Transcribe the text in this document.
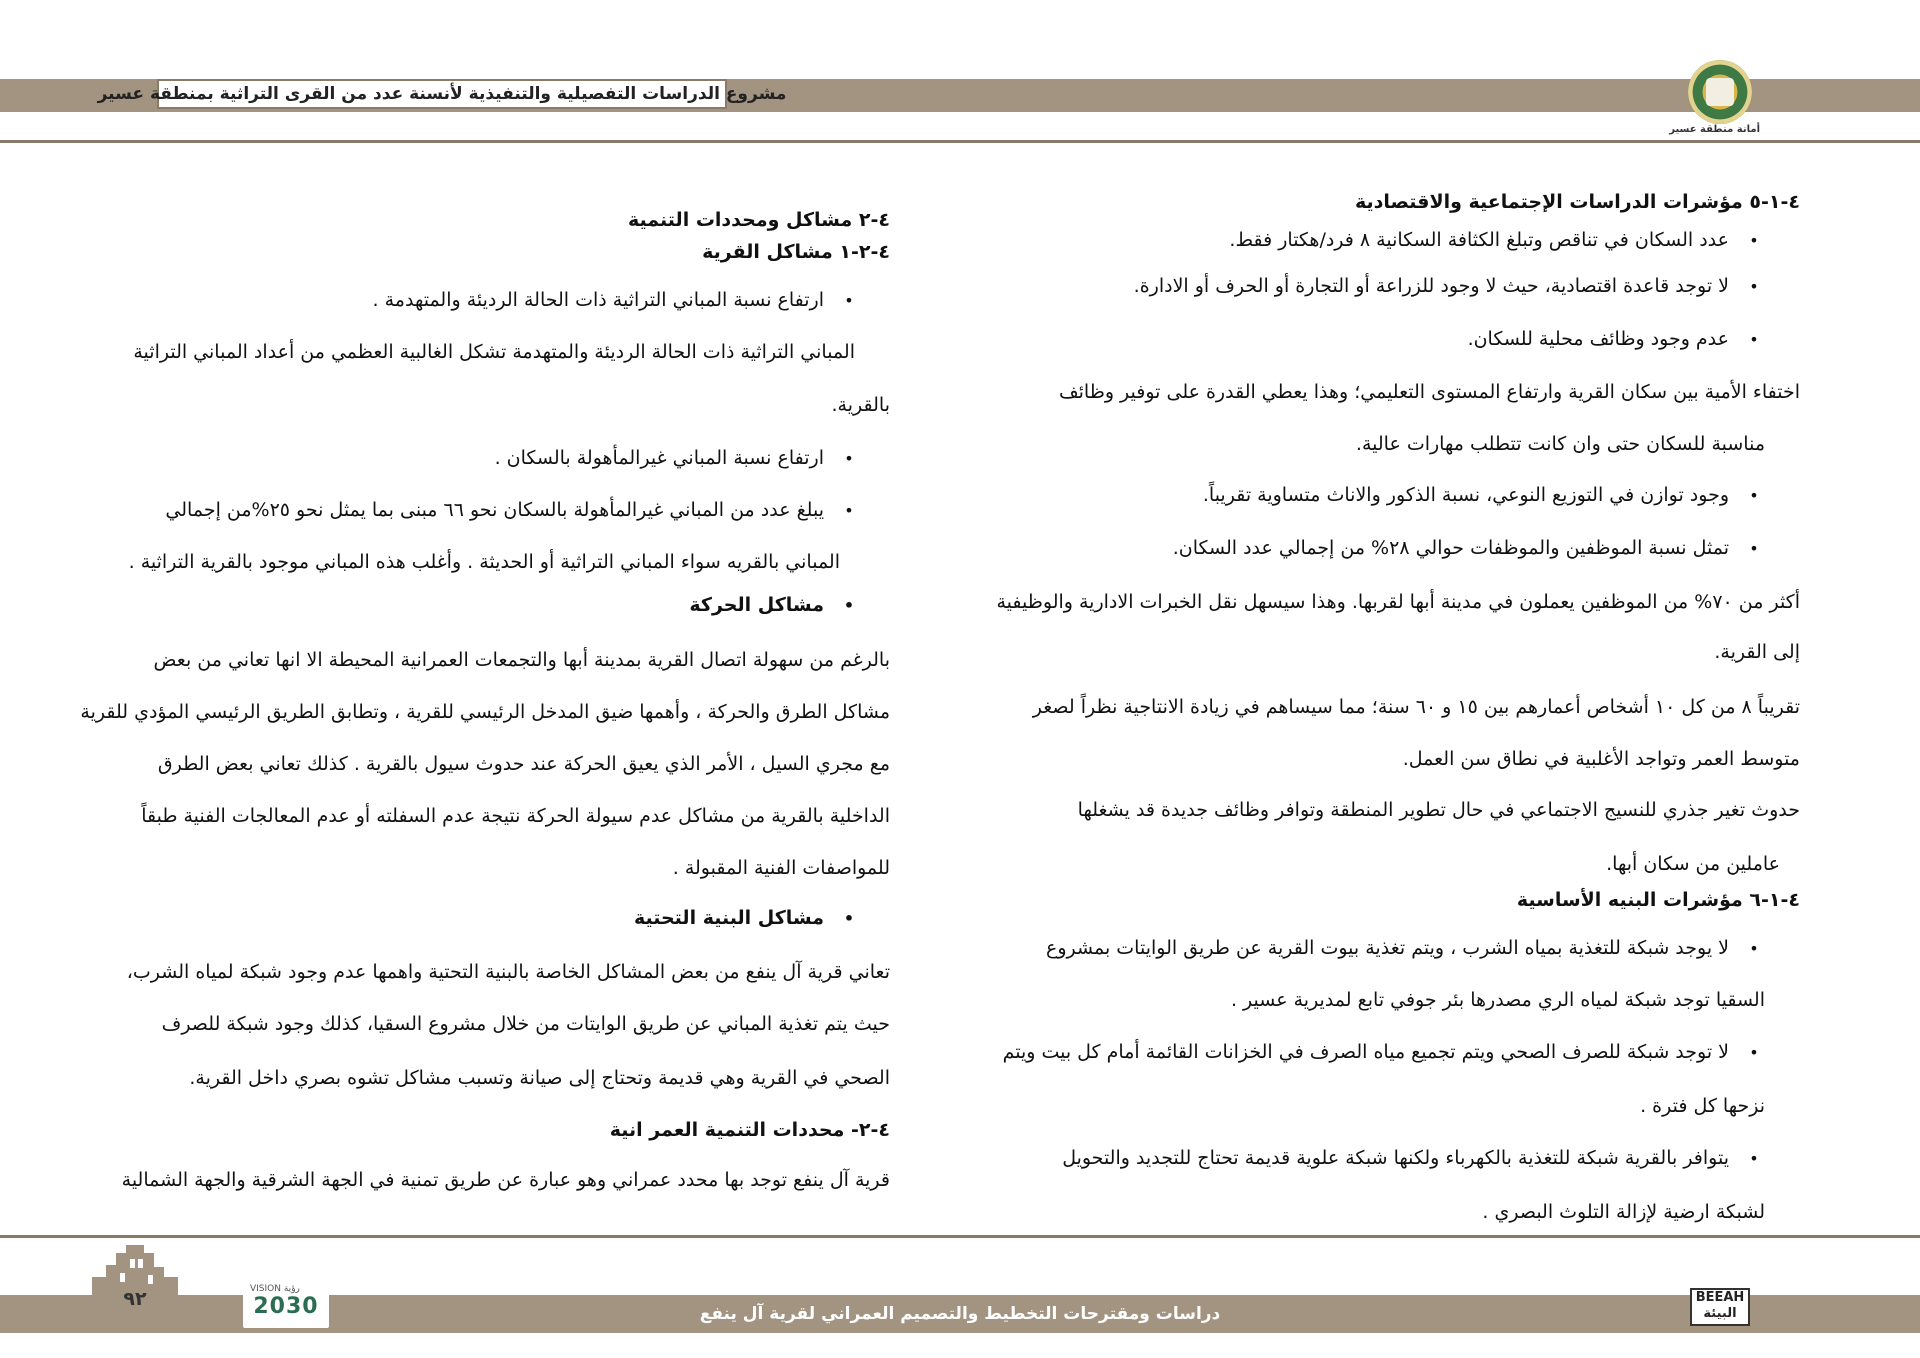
مشروع الدراسات التفصيلية والتنفيذية لأنسنة عدد من القرى التراثية بمنطقة عسير
أمانة منطقة عسير
٤-١-٥ مؤشرات الدراسات الإجتماعية والاقتصادية
• عدد السكان في تناقص وتبلغ الكثافة السكانية ٨ فرد/هكتار فقط.
• لا توجد قاعدة اقتصادية، حيث لا وجود للزراعة أو التجارة أو الحرف أو الادارة.
• عدم وجود وظائف محلية للسكان.
اختفاء الأمية بين سكان القرية وارتفاع المستوى التعليمي؛ وهذا يعطي القدرة على توفير وظائف
مناسبة للسكان حتى وان كانت تتطلب مهارات عالية.
• وجود توازن في التوزيع النوعي، نسبة الذكور والاناث متساوية تقريباً.
• تمثل نسبة الموظفين والموظفات حوالي ٢٨% من إجمالي عدد السكان.
أكثر من ٧٠% من الموظفين يعملون في مدينة أبها لقربها. وهذا سيسهل نقل الخبرات الادارية والوظيفية
إلى القرية.
تقريباً ٨ من كل ١٠ أشخاص أعمارهم بين ١٥ و ٦٠ سنة؛ مما سيساهم في زيادة الانتاجية نظراً لصغر
متوسط العمر وتواجد الأغلبية في نطاق سن العمل.
حدوث تغير جذري للنسيج الاجتماعي في حال تطوير المنطقة وتوافر وظائف جديدة قد يشغلها
عاملين من سكان أبها.
٤-١-٦ مؤشرات البنيه الأساسية
• لا يوجد شبكة للتغذية بمياه الشرب ، ويتم تغذية بيوت القرية عن طريق الوايتات بمشروع
السقيا توجد شبكة لمياه الري مصدرها بئر جوفي تابع لمديرية عسير .
• لا توجد شبكة للصرف الصحي ويتم تجميع مياه الصرف في الخزانات القائمة أمام كل بيت ويتم
نزحها كل فترة .
• يتوافر بالقرية شبكة للتغذية بالكهرباء ولكنها شبكة علوية قديمة تحتاج للتجديد والتحويل
لشبكة ارضية لإزالة التلوث البصري .
٤-٢ مشاكل ومحددات التنمية
٤-٢-١ مشاكل القرية
• ارتفاع نسبة المباني التراثية ذات الحالة الرديئة والمتهدمة .
المباني التراثية ذات الحالة الرديئة والمتهدمة تشكل الغالبية العظمي من أعداد المباني التراثية
بالقرية.
• ارتفاع نسبة المباني غيرالمأهولة بالسكان .
• يبلغ عدد من المباني غيرالمأهولة بالسكان نحو ٦٦ مبنى بما يمثل نحو ٢٥%من إجمالي
المباني بالقريه سواء المباني التراثية أو الحديثة . وأغلب هذه المباني موجود بالقرية التراثية .
• مشاكل الحركة
بالرغم من سهولة اتصال القرية بمدينة أبها والتجمعات العمرانية المحيطة الا انها تعاني من بعض
مشاكل الطرق والحركة ، وأهمها ضيق المدخل الرئيسي للقرية ، وتطابق الطريق الرئيسي المؤدي للقرية
مع مجري السيل ، الأمر الذي يعيق الحركة عند حدوث سيول بالقرية . كذلك تعاني بعض الطرق
الداخلية بالقرية من مشاكل عدم سيولة الحركة نتيجة عدم السفلته أو عدم المعالجات الفنية طبقاً
للمواصفات الفنية المقبولة .
• مشاكل البنية التحتية
تعاني قرية آل ينفع من بعض المشاكل الخاصة بالبنية التحتية واهمها عدم وجود شبكة لمياه الشرب،
حيث يتم تغذية المباني عن طريق الوايتات من خلال مشروع السقيا، كذلك وجود شبكة للصرف
الصحي في القرية وهي قديمة وتحتاج إلى صيانة وتسبب مشاكل تشوه بصري داخل القرية.
٤-٢- محددات التنمية العمر انية
قرية آل ينفع توجد بها محدد عمراني وهو عبارة عن طريق تمنية في الجهة الشرقية والجهة الشمالية
دراسات ومقترحات التخطيط والتصميم العمراني لقرية آل ينفع
٩٢	VISION رؤية
2030	BEEAH البيئة
